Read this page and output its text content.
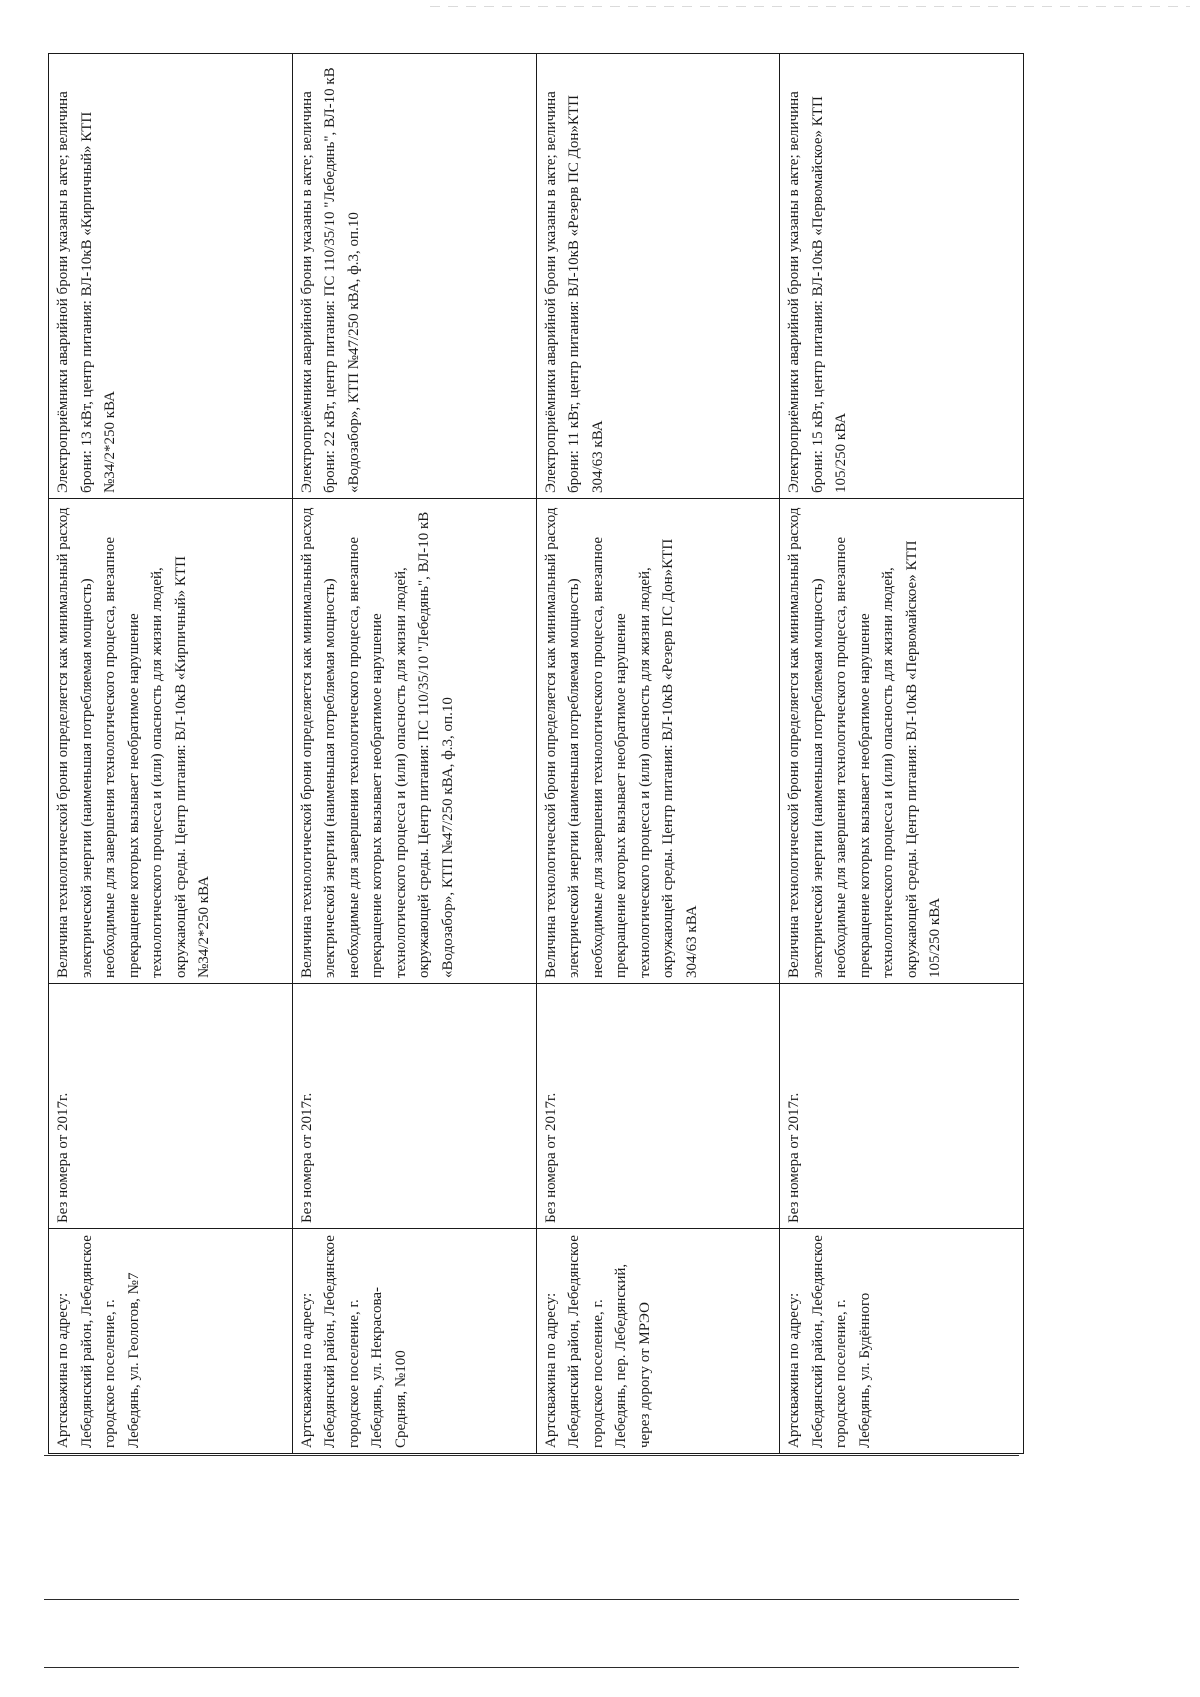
Артскважина по адресу: Лебедянский район, Лебедянское городское поселение, г. Лебедянь, ул. Геологов, №7	Без номера от 2017г.	Величина технологической брони определяется как минимальный расход электрической энергии (наименьшая потребляемая мощность) необходимые для завершения технологического процесса, внезапное прекращение которых вызывает необратимое нарушение технологического процесса и (или) опасность для жизни людей, окружающей среды. Центр питания: ВЛ-10кВ «Кирпичный» КТП №34/2*250 кВА	Электроприёмники аварийной брони указаны в акте; величина брони: 13 кВт, центр питания: ВЛ-10кВ «Кирпичный» КТП №34/2*250 кВА
Артскважина по адресу: Лебедянский район, Лебедянское городское поселение, г. Лебедянь, ул. Некрасова-Средняя, №100	Без номера от 2017г.	Величина технологической брони определяется как минимальный расход электрической энергии (наименьшая потребляемая мощность) необходимые для завершения технологического процесса, внезапное прекращение которых вызывает необратимое нарушение технологического процесса и (или) опасность для жизни людей, окружающей среды. Центр питания: ПС 110/35/10 "Лебедянь", ВЛ-10 кВ «Водозабор», КТП №47/250 кВА, ф.3, оп.10	Электроприёмники аварийной брони указаны в акте; величина брони: 22 кВт, центр питания: ПС 110/35/10 "Лебедянь", ВЛ-10 кВ «Водозабор», КТП №47/250 кВА, ф.3, оп.10
Артскважина по адресу: Лебедянский район, Лебедянское городское поселение, г. Лебедянь, пер. Лебедянский, через дорогу от МРЭО	Без номера от 2017г.	Величина технологической брони определяется как минимальный расход электрической энергии (наименьшая потребляемая мощность) необходимые для завершения технологического процесса, внезапное прекращение которых вызывает необратимое нарушение технологического процесса и (или) опасность для жизни людей, окружающей среды. Центр питания: ВЛ-10кВ «Резерв ПС Дон»КТП 304/63 кВА	Электроприёмники аварийной брони указаны в акте; величина брони: 11 кВт, центр питания: ВЛ-10кВ «Резерв ПС Дон»КТП 304/63 кВА
Артскважина по адресу: Лебедянский район, Лебедянское городское поселение, г. Лебедянь, ул. Будённого	Без номера от 2017г.	Величина технологической брони определяется как минимальный расход электрической энергии (наименьшая потребляемая мощность) необходимые для завершения технологического процесса, внезапное прекращение которых вызывает необратимое нарушение технологического процесса и (или) опасность для жизни людей, окружающей среды. Центр питания: ВЛ-10кВ «Первомайское» КТП 105/250 кВА	Электроприёмники аварийной брони указаны в акте; величина брони: 15 кВт, центр питания: ВЛ-10кВ «Первомайское» КТП 105/250 кВА
